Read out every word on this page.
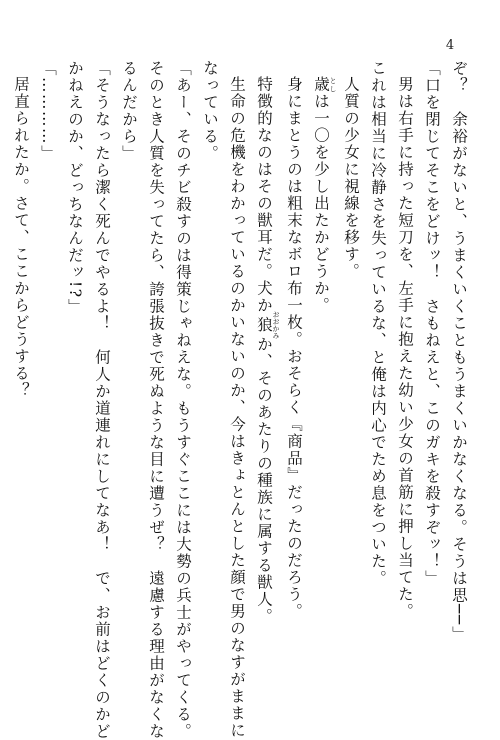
4
ぞ？　余裕がないと、うまくいくこともうまくいかなくなる。そうは思──」
「口を閉じてそこをどけッ！　さもねえと、このガキを殺すぞッ！」
男は右手に持った短刀を、左手に抱えた幼い少女の首筋に押し当てた。
これは相当に冷静さを失っているな、と俺は内心でため息をついた。
人質の少女に視線を移す。
歳 としは一〇を少し出たかどうか。
身にまとうのは粗末なボロ布一枚。おそらく『商品』だったのだろう。
特徴的なのはその獣耳だ。犬か狼 おおかみか、そのあたりの種族に属する獣人。
生命の危機をわかっているのかいないのか、今はきょとんとした顔で男のなすがままに
なっている。
「あー、そのチビ殺すのは得策じゃねえな。もうすぐここには大勢の兵士がやってくる。
そのとき人質を失ってたら、誇張抜きで死ぬような目に遭うぜ？　遠慮する理由がなくな
るんだから」
「そうなったら潔く死んでやるよ！　何人か道連れにしてなあ！　で、お前はどくのかど
かねえのか、どっちなんだッ!?」
「…………」
居直られたか。さて、ここからどうする？
